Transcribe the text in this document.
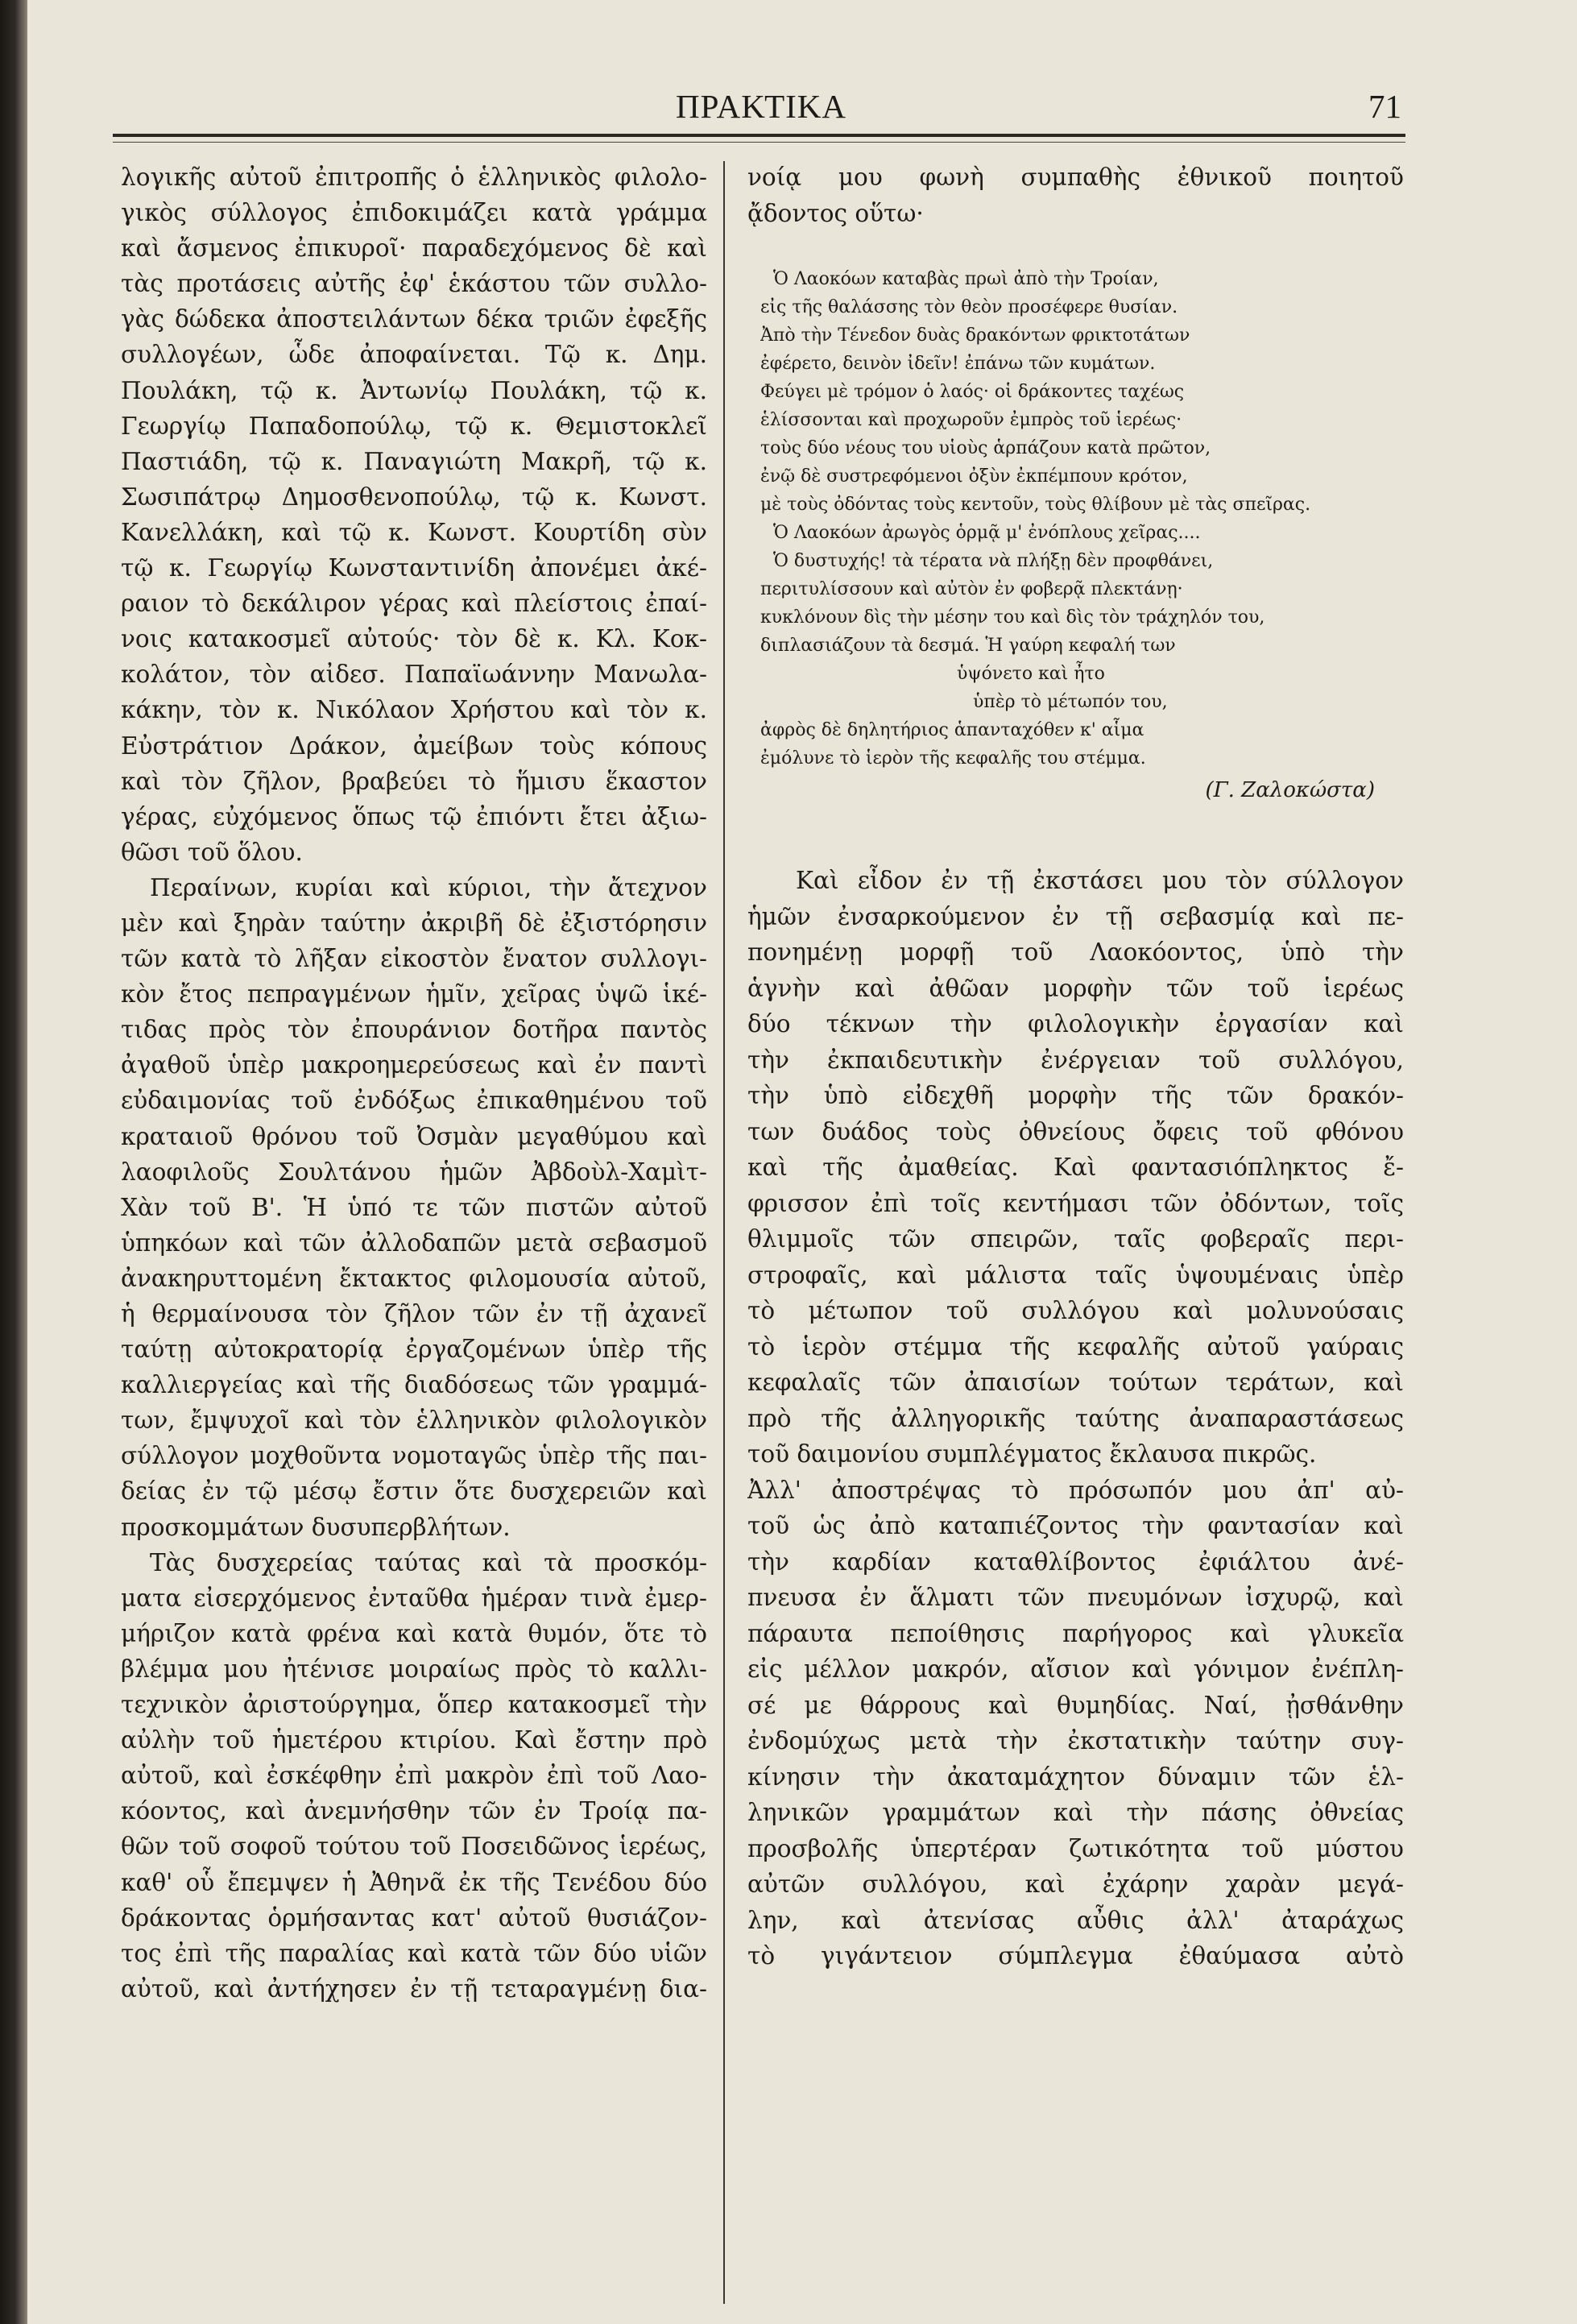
ΠΡΑΚΤΙΚΑ	71
λογικῆς αὐτοῦ ἐπιτροπῆς ὁ ἑλληνικὸς φιλολο-
γικὸς σύλλογος ἐπιδοκιμάζει κατὰ γράμμα
καὶ ἄσμενος ἐπικυροῖ· παραδεχόμενος δὲ καὶ
τὰς προτάσεις αὐτῆς ἐφ' ἑκάστου τῶν συλλο-
γὰς δώδεκα ἀποστειλάντων δέκα τριῶν ἐφεξῆς
συλλογέων, ὧδε ἀποφαίνεται. Τῷ κ. Δημ.
Πουλάκη, τῷ κ. Ἀντωνίῳ Πουλάκη, τῷ κ.
Γεωργίῳ Παπαδοπούλῳ, τῷ κ. Θεμιστοκλεῖ
Παστιάδη, τῷ κ. Παναγιώτη Μακρῆ, τῷ κ.
Σωσιπάτρῳ Δημοσθενοπούλῳ, τῷ κ. Κωνστ.
Κανελλάκη, καὶ τῷ κ. Κωνστ. Κουρτίδη σὺν
τῷ κ. Γεωργίῳ Κωνσταντινίδη ἀπονέμει ἀκέ-
ραιον τὸ δεκάλιρον γέρας καὶ πλείστοις ἐπαί-
νοις κατακοσμεῖ αὐτούς· τὸν δὲ κ. Κλ. Κοκ-
κολάτον, τὸν αἰδεσ. Παπαϊωάννην Μανωλα-
κάκην, τὸν κ. Νικόλαον Χρήστου καὶ τὸν κ.
Εὐστράτιον Δράκον, ἀμείβων τοὺς κόπους
καὶ τὸν ζῆλον, βραβεύει τὸ ἥμισυ ἕκαστον
γέρας, εὐχόμενος ὅπως τῷ ἐπιόντι ἔτει ἀξιω-
θῶσι τοῦ ὅλου.
Περαίνων, κυρίαι καὶ κύριοι, τὴν ἄτεχνον
μὲν καὶ ξηρὰν ταύτην ἀκριβῆ δὲ ἐξιστόρησιν
τῶν κατὰ τὸ λῆξαν εἰκοστὸν ἔνατον συλλογι-
κὸν ἔτος πεπραγμένων ἡμῖν, χεῖρας ὑψῶ ἱκέ-
τιδας πρὸς τὸν ἐπουράνιον δοτῆρα παντὸς
ἀγαθοῦ ὑπὲρ μακροημερεύσεως καὶ ἐν παντὶ
εὐδαιμονίας τοῦ ἐνδόξως ἐπικαθημένου τοῦ
κραταιοῦ θρόνου τοῦ Ὀσμὰν μεγαθύμου καὶ
λαοφιλοῦς Σουλτάνου ἡμῶν Ἀβδοὺλ-Χαμὶτ-
Χὰν τοῦ Β'. Ἡ ὑπό τε τῶν πιστῶν αὐτοῦ
ὑπηκόων καὶ τῶν ἀλλοδαπῶν μετὰ σεβασμοῦ
ἀνακηρυττομένη ἔκτακτος φιλομουσία αὐτοῦ,
ἡ θερμαίνουσα τὸν ζῆλον τῶν ἐν τῇ ἀχανεῖ
ταύτῃ αὐτοκρατορίᾳ ἐργαζομένων ὑπὲρ τῆς
καλλιεργείας καὶ τῆς διαδόσεως τῶν γραμμά-
των, ἔμψυχοῖ καὶ τὸν ἑλληνικὸν φιλολογικὸν
σύλλογον μοχθοῦντα νομοταγῶς ὑπὲρ τῆς παι-
δείας ἐν τῷ μέσῳ ἔστιν ὅτε δυσχερειῶν καὶ
προσκομμάτων δυσυπερβλήτων.
Τὰς δυσχερείας ταύτας καὶ τὰ προσκόμ-
ματα εἰσερχόμενος ἐνταῦθα ἡμέραν τινὰ ἐμερ-
μήριζον κατὰ φρένα καὶ κατὰ θυμόν, ὅτε τὸ
βλέμμα μου ἠτένισε μοιραίως πρὸς τὸ καλλι-
τεχνικὸν ἀριστούργημα, ὅπερ κατακοσμεῖ τὴν
αὐλὴν τοῦ ἡμετέρου κτιρίου. Καὶ ἔστην πρὸ
αὐτοῦ, καὶ ἐσκέφθην ἐπὶ μακρὸν ἐπὶ τοῦ Λαο-
κόοντος, καὶ ἀνεμνήσθην τῶν ἐν Τροίᾳ πα-
θῶν τοῦ σοφοῦ τούτου τοῦ Ποσειδῶνος ἱερέως,
καθ' οὗ ἔπεμψεν ἡ Ἀθηνᾶ ἐκ τῆς Τενέδου δύο
δράκοντας ὁρμήσαντας κατ' αὐτοῦ θυσιάζον-
τος ἐπὶ τῆς παραλίας καὶ κατὰ τῶν δύο υἱῶν
αὐτοῦ, καὶ ἀντήχησεν ἐν τῇ τεταραγμένῃ δια-
νοίᾳ μου φωνὴ συμπαθὴς ἐθνικοῦ ποιητοῦ
ᾄδοντος οὕτω·
Ὁ Λαοκόων καταβὰς πρωὶ ἀπὸ τὴν Τροίαν,
εἰς τῆς θαλάσσης τὸν θεὸν προσέφερε θυσίαν.
Ἀπὸ τὴν Τένεδον δυὰς δρακόντων φρικτοτάτων
ἐφέρετο, δεινὸν ἰδεῖν! ἐπάνω τῶν κυμάτων.
Φεύγει μὲ τρόμον ὁ λαός· οἱ δράκοντες ταχέως
ἑλίσσονται καὶ προχωροῦν ἐμπρὸς τοῦ ἱερέως·
τοὺς δύο νέους του υἱοὺς ἁρπάζουν κατὰ πρῶτον,
ἐνῷ δὲ συστρεφόμενοι ὀξὺν ἐκπέμπουν κρότον,
μὲ τοὺς ὀδόντας τοὺς κεντοῦν, τοὺς θλίβουν μὲ τὰς σπεῖρας.
Ὁ Λαοκόων ἀρωγὸς ὁρμᾷ μ' ἐνόπλους χεῖρας....
Ὁ δυστυχής! τὰ τέρατα νὰ πλήξῃ δὲν προφθάνει,
περιτυλίσσουν καὶ αὐτὸν ἐν φοβερᾷ πλεκτάνῃ·
κυκλόνουν δὶς τὴν μέσην του καὶ δὶς τὸν τράχηλόν του,
διπλασιάζουν τὰ δεσμά. Ἡ γαύρη κεφαλή των
ὑψόνετο καὶ ἦτο
ὑπὲρ τὸ μέτωπόν του,
ἀφρὸς δὲ δηλητήριος ἁπανταχόθεν κ' αἷμα
ἐμόλυνε τὸ ἱερὸν τῆς κεφαλῆς του στέμμα.
(Γ. Ζαλοκώστα)
Καὶ εἶδον ἐν τῇ ἐκστάσει μου τὸν σύλλογον
ἡμῶν ἐνσαρκούμενον ἐν τῇ σεβασμίᾳ καὶ πε-
πονημένῃ μορφῇ τοῦ Λαοκόοντος, ὑπὸ τὴν
ἁγνὴν καὶ ἀθῶαν μορφὴν τῶν τοῦ ἱερέως
δύο τέκνων τὴν φιλολογικὴν ἐργασίαν καὶ
τὴν ἐκπαιδευτικὴν ἐνέργειαν τοῦ συλλόγου,
τὴν ὑπὸ εἰδεχθῆ μορφὴν τῆς τῶν δρακόν-
των δυάδος τοὺς ὀθνείους ὄφεις τοῦ φθόνου
καὶ τῆς ἀμαθείας. Καὶ φαντασιόπληκτος ἔ-
φρισσον ἐπὶ τοῖς κεντήμασι τῶν ὀδόντων, τοῖς
θλιμμοῖς τῶν σπειρῶν, ταῖς φοβεραῖς περι-
στροφαῖς, καὶ μάλιστα ταῖς ὑψουμέναις ὑπὲρ
τὸ μέτωπον τοῦ συλλόγου καὶ μολυνούσαις
τὸ ἱερὸν στέμμα τῆς κεφαλῆς αὐτοῦ γαύραις
κεφαλαῖς τῶν ἀπαισίων τούτων τεράτων, καὶ
πρὸ τῆς ἀλληγορικῆς ταύτης ἀναπαραστάσεως
τοῦ δαιμονίου συμπλέγματος ἔκλαυσα πικρῶς.
Ἀλλ' ἀποστρέψας τὸ πρόσωπόν μου ἀπ' αὐ-
τοῦ ὡς ἀπὸ καταπιέζοντος τὴν φαντασίαν καὶ
τὴν καρδίαν καταθλίβοντος ἐφιάλτου ἀνέ-
πνευσα ἐν ἅλματι τῶν πνευμόνων ἰσχυρῷ, καὶ
πάραυτα πεποίθησις παρήγορος καὶ γλυκεῖα
εἰς μέλλον μακρόν, αἴσιον καὶ γόνιμον ἐνέπλη-
σέ με θάρρους καὶ θυμηδίας. Ναί, ᾐσθάνθην
ἐνδομύχως μετὰ τὴν ἐκστατικὴν ταύτην συγ-
κίνησιν τὴν ἀκαταμάχητον δύναμιν τῶν ἑλ-
ληνικῶν γραμμάτων καὶ τὴν πάσης ὀθνείας
προσβολῆς ὑπερτέραν ζωτικότητα τοῦ μύστου
αὐτῶν συλλόγου, καὶ ἐχάρην χαρὰν μεγά-
λην, καὶ ἀτενίσας αὖθις ἀλλ' ἀταράχως
τὸ γιγάντειον σύμπλεγμα ἐθαύμασα αὐτὸ
